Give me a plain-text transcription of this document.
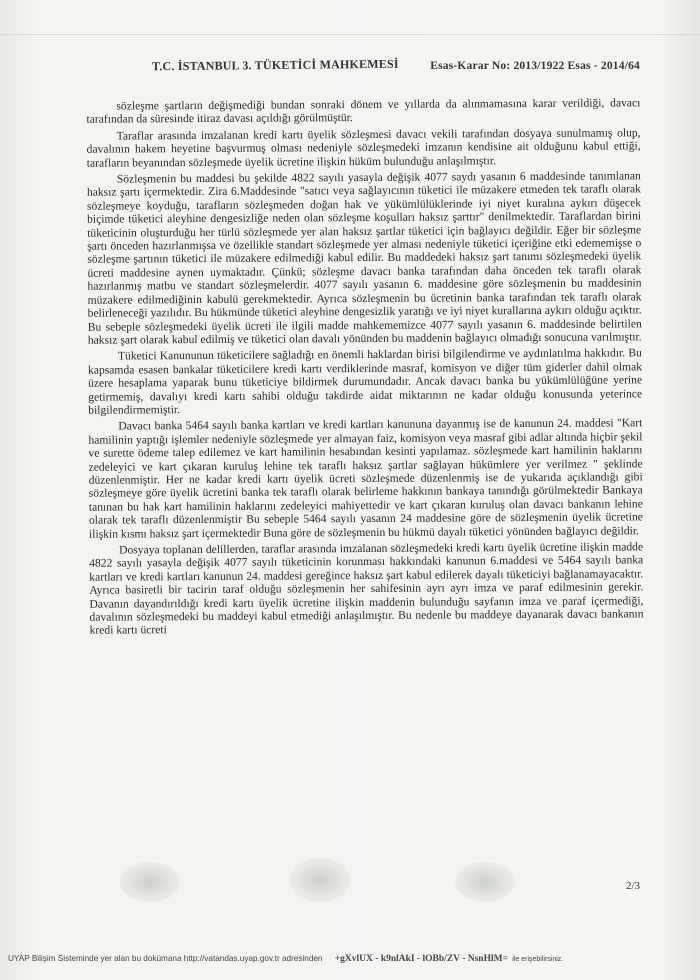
T.C. İSTANBUL 3. TÜKETİCİ MAHKEMESİ	Esas-Karar No: 2013/1922 Esas - 2014/64

sözleşme şartların değişmediği bundan sonraki dönem ve yıllarda da alınmamasına karar verildiği, davacı tarafından da süresinde itiraz davası açıldığı görülmüştür.

Taraflar arasında imzalanan kredi kartı üyelik sözleşmesi davacı vekili tarafından dosyaya sunulmamış olup, davalının hakem heyetine başvurmuş olması nedeniyle sözleşmedeki imzanın kendisine ait olduğunu kabul ettiği, tarafların beyanından sözleşmede üyelik ücretine ilişkin hüküm bulunduğu anlaşılmıştır.

Sözleşmenin bu maddesi bu şekilde 4822 sayılı yasayla değişik 4077 saydı yasanın 6 maddesinde tanımlanan haksız şartı içermektedir. Zira 6.Maddesinde "satıcı veya sağlayıcının tüketici ile müzakere etmeden tek taraflı olarak sözleşmeye koyduğu, tarafların sözleşmeden doğan hak ve yükümlülüklerinde iyi niyet kuralına aykırı düşecek biçimde tüketici aleyhine dengesizliğe neden olan sözleşme koşulları haksız şarttır" denilmektedir. Taraflardan birini tüketicinin oluşturduğu her türlü sözleşmede yer alan haksız şartlar tüketici için bağlayıcı değildir. Eğer bir sözleşme şartı önceden hazırlanmışsa ve özellikle standart sözleşmede yer alması nedeniyle tüketici içeriğine etki edememişse o sözleşme şartının tüketici ile müzakere edilmediği kabul edilir. Bu maddedeki haksız şart tanımı sözleşmedeki üyelik ücreti maddesine aynen uymaktadır. Çünkü; sözleşme davacı banka tarafından daha önceden tek taraflı olarak hazırlanmış matbu ve standart sözleşmelerdir. 4077 sayılı yasanın 6. maddesine göre sözleşmenin bu maddesinin müzakere edilmediğinin kabulü gerekmektedir. Ayrıca sözleşmenin bu ücretinin banka tarafından tek taraflı olarak belirleneceği yazılıdır. Bu hükmünde tüketici aleyhine dengesizlik yaratığı ve iyi niyet kurallarına aykırı olduğu açıktır. Bu sebeple sözleşmedeki üyelik ücreti ile ilgili madde mahkememizce 4077 sayılı yasanın 6. maddesinde belirtilen haksız şart olarak kabul edilmiş ve tüketici olan davalı yönünden bu maddenin bağlayıcı olmadığı sonucuna varılmıştır.

Tüketici Kanununun tüketicilere sağladığı en önemli haklardan birisi bilgilendirme ve aydınlatılma hakkıdır. Bu kapsamda esasen bankalar tüketicilere kredi kartı verdiklerinde masraf, komisyon ve diğer tüm giderler dahil olmak üzere hesaplama yaparak bunu tüketiciye bildirmek durumundadır. Ancak davacı banka bu yükümlülüğüne yerine getirmemiş, davalıyı kredi kartı sahibi olduğu takdirde aidat miktarının ne kadar olduğu konusunda yeterince bilgilendirmemiştir.

Davacı banka 5464 sayılı banka kartları ve kredi kartları kanununa dayanmış ise de kanunun 24. maddesi "Kart hamilinin yaptığı işlemler nedeniyle sözleşmede yer almayan faiz, komisyon veya masraf gibi adlar altında hiçbir şekil ve surette ödeme talep edilemez ve kart hamilinin hesabından kesinti yapılamaz. sözleşmede kart hamilinin haklarını zedeleyici ve kart çıkaran kuruluş lehine tek taraflı haksız şartlar sağlayan hükümlere yer verilmez " şeklinde düzenlenmiştir. Her ne kadar kredi kartı üyelik ücreti sözleşmede düzenlenmiş ise de yukarıda açıklandığı gibi sözleşmeye göre üyelik ücretini banka tek taraflı olarak belirleme hakkının bankaya tanındığı görülmektedir Bankaya tanınan bu hak kart hamilinin haklarını zedeleyici mahiyettedir ve kart çıkaran kuruluş olan davacı bankanın lehine olarak tek taraflı düzenlenmiştir Bu sebeple 5464 sayılı yasanın 24 maddesine göre de sözleşmenin üyelik ücretine ilişkin kısmı haksız şart içermektedir Buna göre de sözleşmenin bu hükmü dayalı tüketici yönünden bağlayıcı değildir.

Dosyaya toplanan delillerden, taraflar arasında imzalanan sözleşmedeki kredi kartı üyelik ücretine ilişkin madde 4822 sayılı yasayla değişik 4077 sayılı tüketicinin korunması hakkındaki kanunun 6.maddesi ve 5464 sayılı banka kartları ve kredi kartları kanunun 24. maddesi gereğince haksız şart kabul edilerek dayalı tüketiciyi bağlanamayacaktır. Ayrıca basiretli bir tacirin taraf olduğu sözleşmenin her sahifesinin ayrı ayrı imza ve paraf edilmesinin gerekir. Davanın dayandırıldığı kredi kartı üyelik ücretine ilişkin maddenin bulunduğu sayfanın imza ve paraf içermediği, davalının sözleşmedeki bu maddeyi kabul etmediği anlaşılmıştır. Bu nedenle bu maddeye dayanarak davacı bankanın kredi kartı ücreti

2/3
UYAP Bilişim Sisteminde yer alan bu dokümana http://vatandas.uyap.gov.tr adresinden +gXvlUX - k9nlAkI - lOBb/ZV - NsnHlM= ile erişebilirsiniz.
